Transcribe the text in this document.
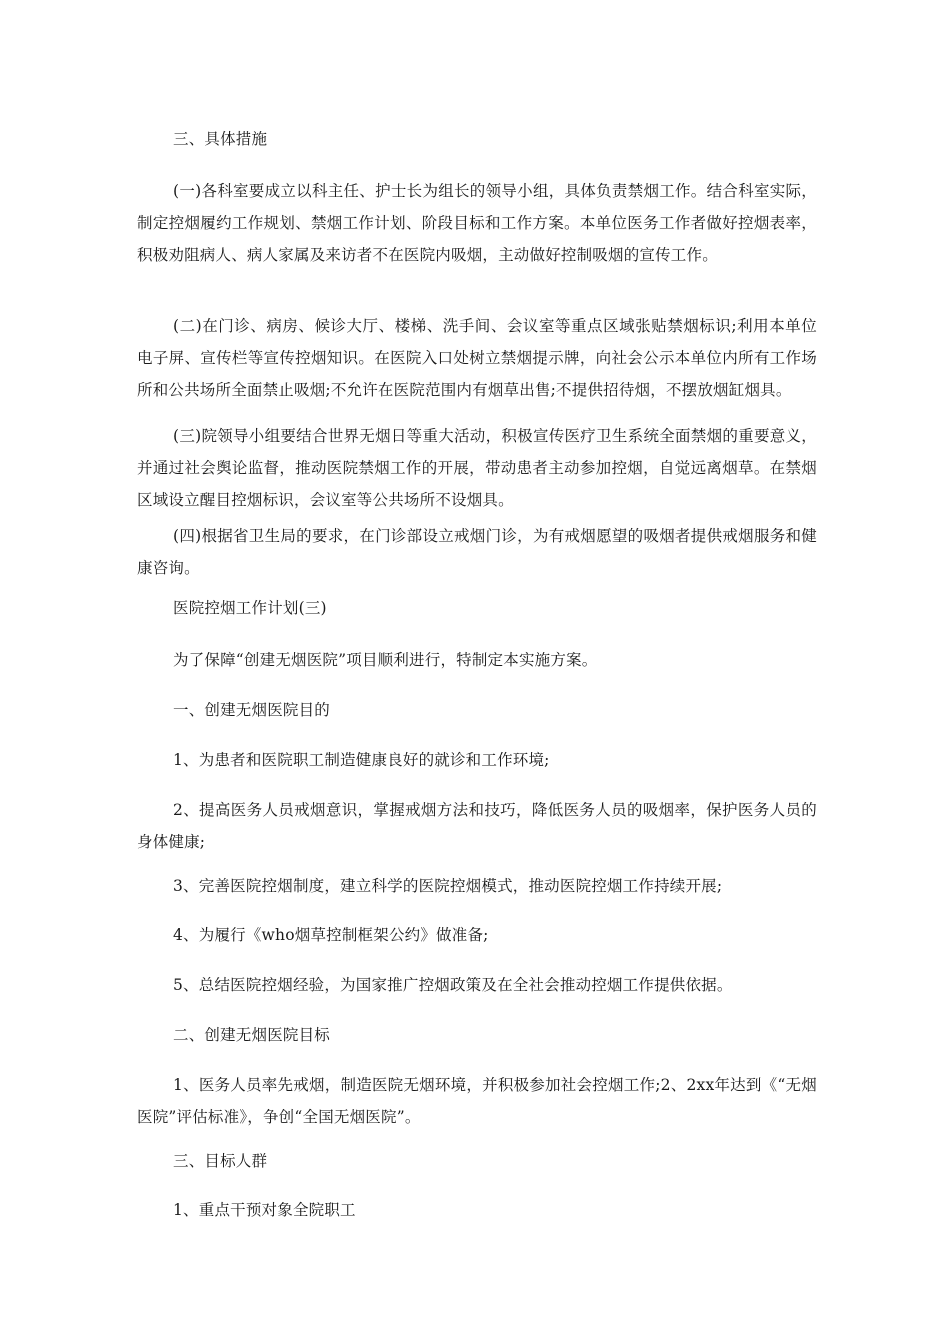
三、具体措施

(一)各科室要成立以科主任、护士长为组长的领导小组，具体负责禁烟工作。结合科室实际，制定控烟履约工作规划、禁烟工作计划、阶段目标和工作方案。本单位医务工作者做好控烟表率，积极劝阻病人、病人家属及来访者不在医院内吸烟，主动做好控制吸烟的宣传工作。

(二)在门诊、病房、候诊大厅、楼梯、洗手间、会议室等重点区域张贴禁烟标识;利用本单位电子屏、宣传栏等宣传控烟知识。在医院入口处树立禁烟提示牌，向社会公示本单位内所有工作场所和公共场所全面禁止吸烟;不允许在医院范围内有烟草出售;不提供招待烟，不摆放烟缸烟具。

(三)院领导小组要结合世界无烟日等重大活动，积极宣传医疗卫生系统全面禁烟的重要意义，并通过社会舆论监督，推动医院禁烟工作的开展，带动患者主动参加控烟，自觉远离烟草。在禁烟区域设立醒目控烟标识，会议室等公共场所不设烟具。

(四)根据省卫生局的要求，在门诊部设立戒烟门诊，为有戒烟愿望的吸烟者提供戒烟服务和健康咨询。

医院控烟工作计划(三)

为了保障“创建无烟医院”项目顺利进行，特制定本实施方案。

一、创建无烟医院目的

1、为患者和医院职工制造健康良好的就诊和工作环境;

2、提高医务人员戒烟意识，掌握戒烟方法和技巧，降低医务人员的吸烟率，保护医务人员的身体健康;

3、完善医院控烟制度，建立科学的医院控烟模式，推动医院控烟工作持续开展;

4、为履行《who烟草控制框架公约》做准备;

5、总结医院控烟经验，为国家推广控烟政策及在全社会推动控烟工作提供依据。

二、创建无烟医院目标

1、医务人员率先戒烟，制造医院无烟环境，并积极参加社会控烟工作;2、2xx年达到《“无烟医院”评估标准》，争创“全国无烟医院”。

三、目标人群

1、重点干预对象全院职工
